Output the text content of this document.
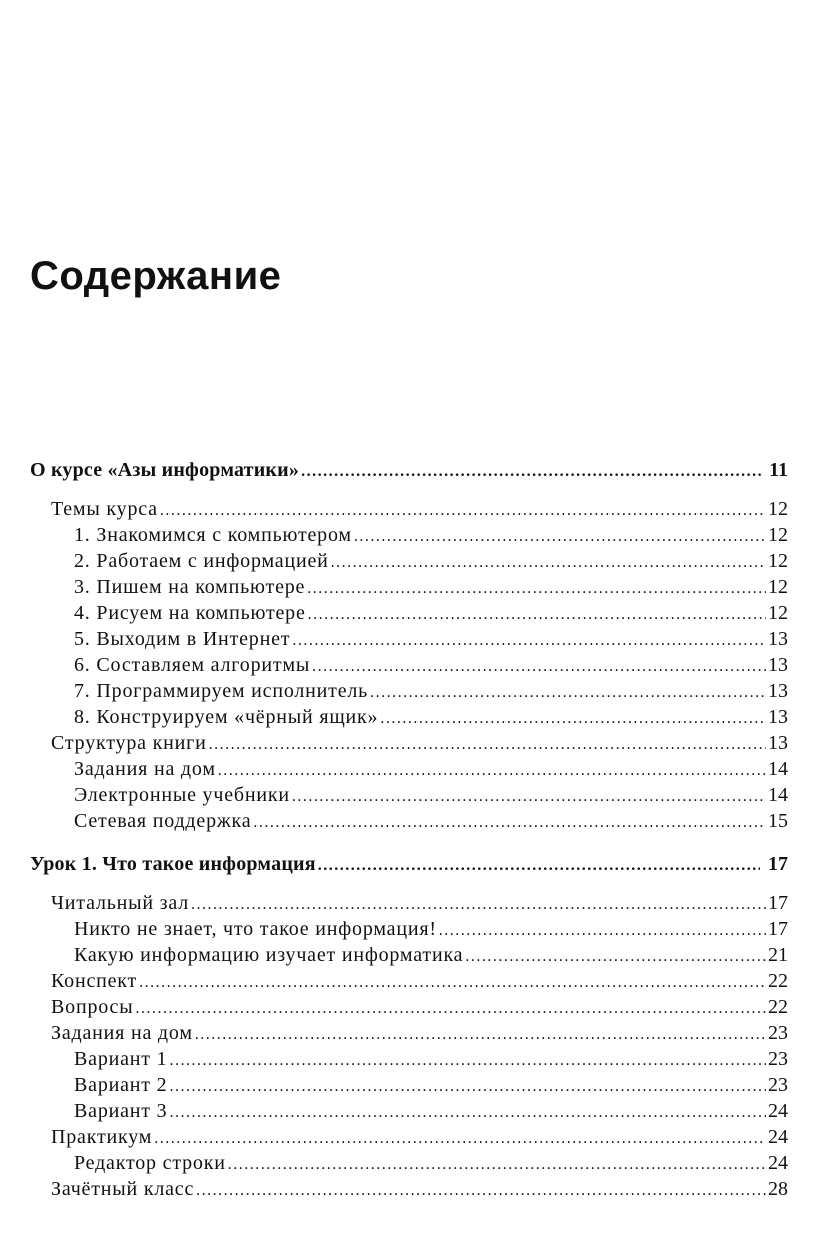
Содержание
О курсе «Азы информатики» .....	11
Темы курса .....	12
1. Знакомимся с компьютером .....	12
2. Работаем с информацией .....	12
3. Пишем на компьютере .....	12
4. Рисуем на компьютере .....	12
5. Выходим в Интернет .....	13
6. Составляем алгоритмы .....	13
7. Программируем исполнитель .....	13
8. Конструируем «чёрный ящик» .....	13
Структура книги .....	13
Задания на дом .....	14
Электронные учебники .....	14
Сетевая поддержка .....	15
Урок 1. Что такое информация .....	17
Читальный зал .....	17
Никто не знает, что такое информация! .....	17
Какую информацию изучает информатика .....	21
Конспект .....	22
Вопросы .....	22
Задания на дом .....	23
Вариант 1 .....	23
Вариант 2 .....	23
Вариант 3 .....	24
Практикум .....	24
Редактор строки .....	24
Зачётный класс .....	28
